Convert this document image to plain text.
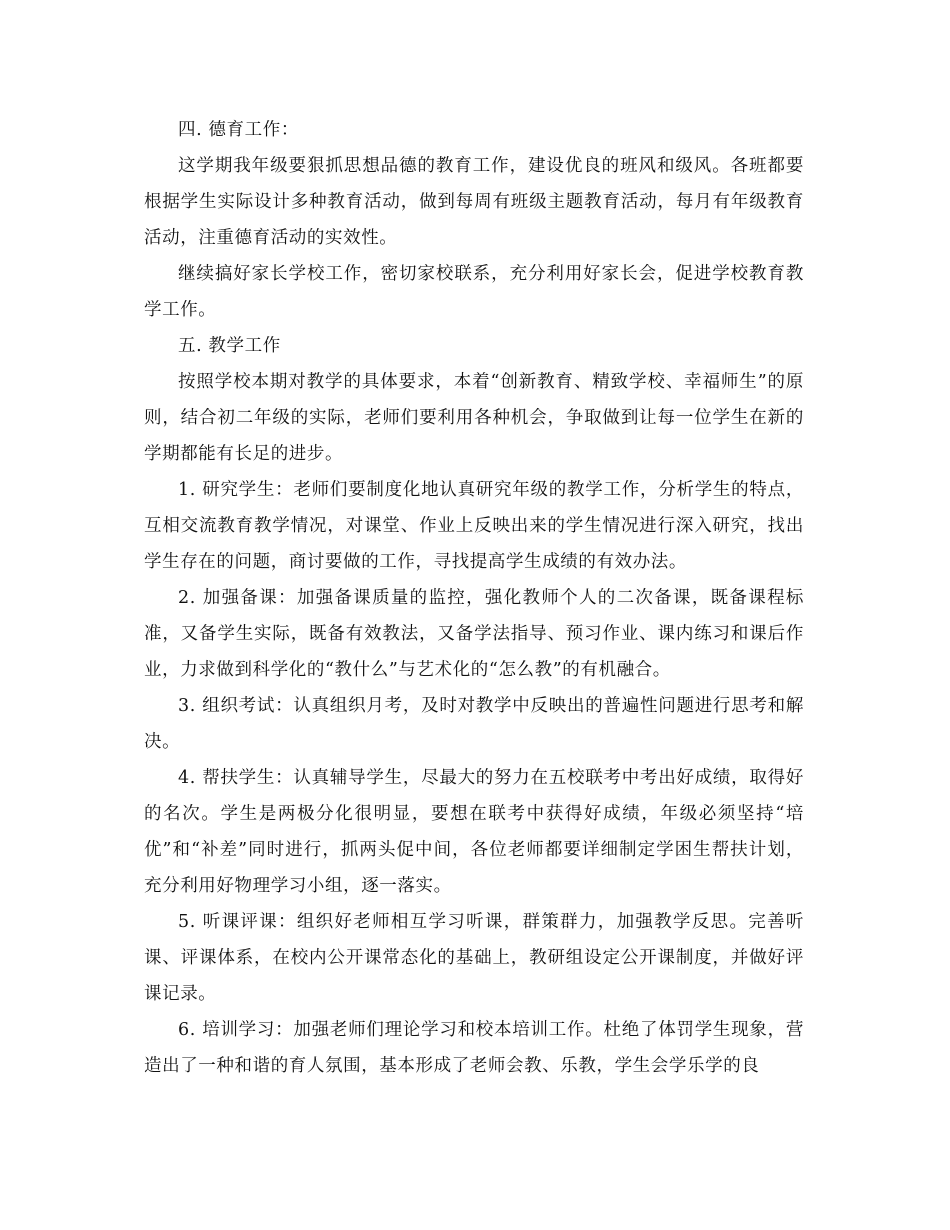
四. 德育工作：

这学期我年级要狠抓思想品德的教育工作，建设优良的班风和级风。各班都要根据学生实际设计多种教育活动，做到每周有班级主题教育活动，每月有年级教育活动，注重德育活动的实效性。

继续搞好家长学校工作，密切家校联系，充分利用好家长会，促进学校教育教学工作。

五. 教学工作

按照学校本期对教学的具体要求，本着“创新教育、精致学校、幸福师生”的原则，结合初二年级的实际，老师们要利用各种机会，争取做到让每一位学生在新的学期都能有长足的进步。

1. 研究学生：老师们要制度化地认真研究年级的教学工作，分析学生的特点，互相交流教育教学情况，对课堂、作业上反映出来的学生情况进行深入研究，找出学生存在的问题，商讨要做的工作，寻找提高学生成绩的有效办法。

2. 加强备课：加强备课质量的监控，强化教师个人的二次备课，既备课程标准，又备学生实际，既备有效教法，又备学法指导、预习作业、课内练习和课后作业，力求做到科学化的“教什么”与艺术化的“怎么教”的有机融合。

3. 组织考试：认真组织月考，及时对教学中反映出的普遍性问题进行思考和解决。

4. 帮扶学生：认真辅导学生，尽最大的努力在五校联考中考出好成绩，取得好的名次。学生是两极分化很明显，要想在联考中获得好成绩，年级必须坚持“培优”和“补差”同时进行，抓两头促中间，各位老师都要详细制定学困生帮扶计划，充分利用好物理学习小组，逐一落实。

5. 听课评课：组织好老师相互学习听课，群策群力，加强教学反思。完善听课、评课体系，在校内公开课常态化的基础上，教研组设定公开课制度，并做好评课记录。

6. 培训学习：加强老师们理论学习和校本培训工作。杜绝了体罚学生现象，营造出了一种和谐的育人氛围，基本形成了老师会教、乐教，学生会学乐学的良
